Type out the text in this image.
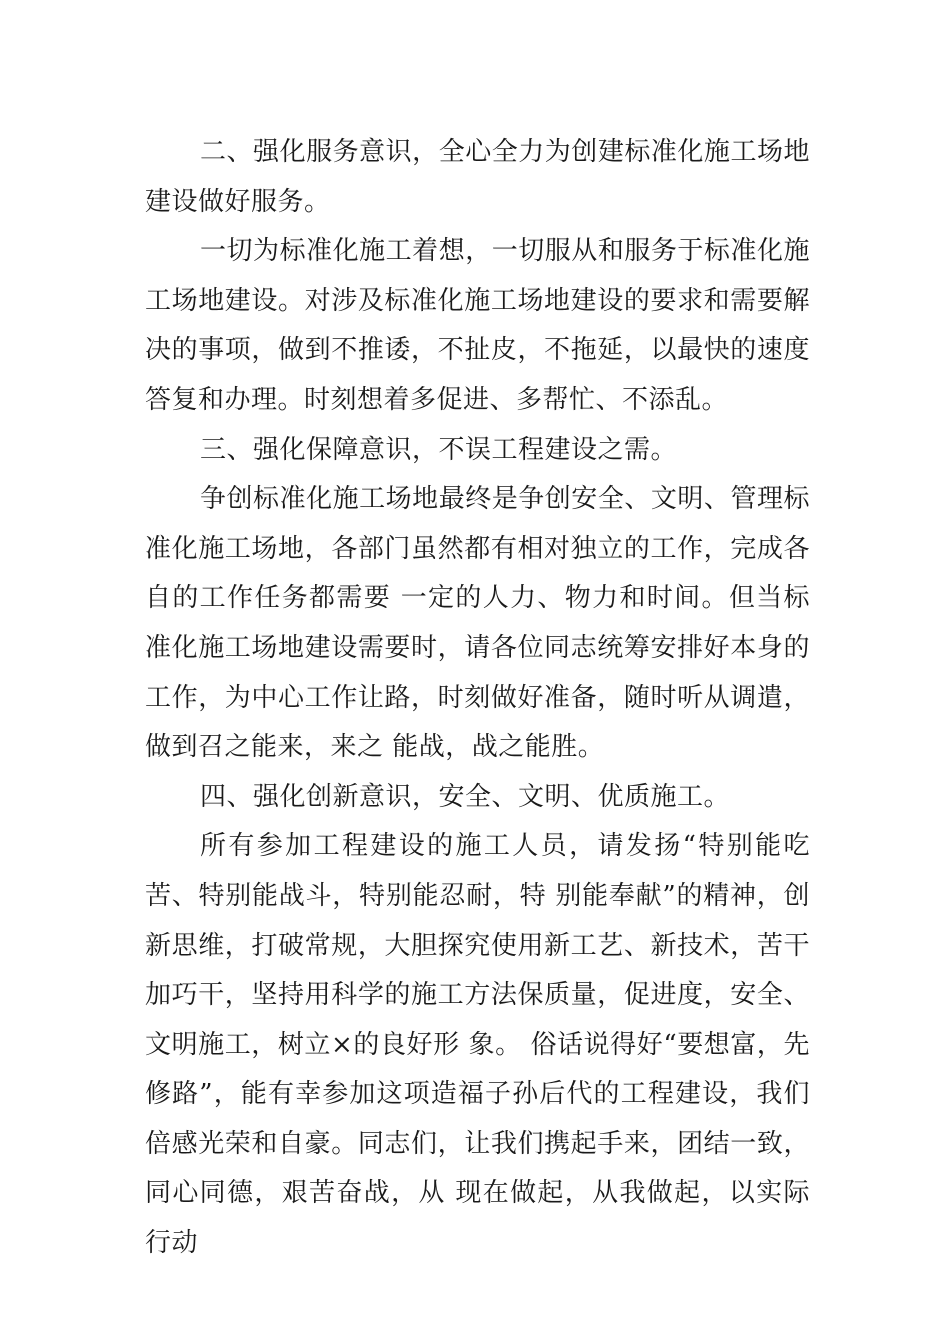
二、强化服务意识，全心全力为创建标准化施工场地建设做好服务。

一切为标准化施工着想，一切服从和服务于标准化施工场地建设。对涉及标准化施工场地建设的要求和需要解决的事项，做到不推诿，不扯皮，不拖延，以最快的速度答复和办理。时刻想着多促进、多帮忙、不添乱。

三、强化保障意识，不误工程建设之需。

争创标准化施工场地最终是争创安全、文明、管理标准化施工场地，各部门虽然都有相对独立的工作，完成各自的工作任务都需要 一定的人力、物力和时间。但当标准化施工场地建设需要时，请各位同志统筹安排好本身的工作，为中心工作让路，时刻做好准备，随时听从调遣，做到召之能来，来之 能战，战之能胜。

四、强化创新意识，安全、文明、优质施工。

所有参加工程建设的施工人员，请发扬“特别能吃苦、特别能战斗，特别能忍耐，特 别能奉献”的精神，创新思维，打破常规，大胆探究使用新工艺、新技术，苦干加巧干，坚持用科学的施工方法保质量，促进度，安全、文明施工，树立×的良好形 象。 俗话说得好“要想富，先修路”，能有幸参加这项造福子孙后代的工程建设，我们倍感光荣和自豪。同志们，让我们携起手来，团结一致，同心同德，艰苦奋战，从 现在做起，从我做起，以实际行动
